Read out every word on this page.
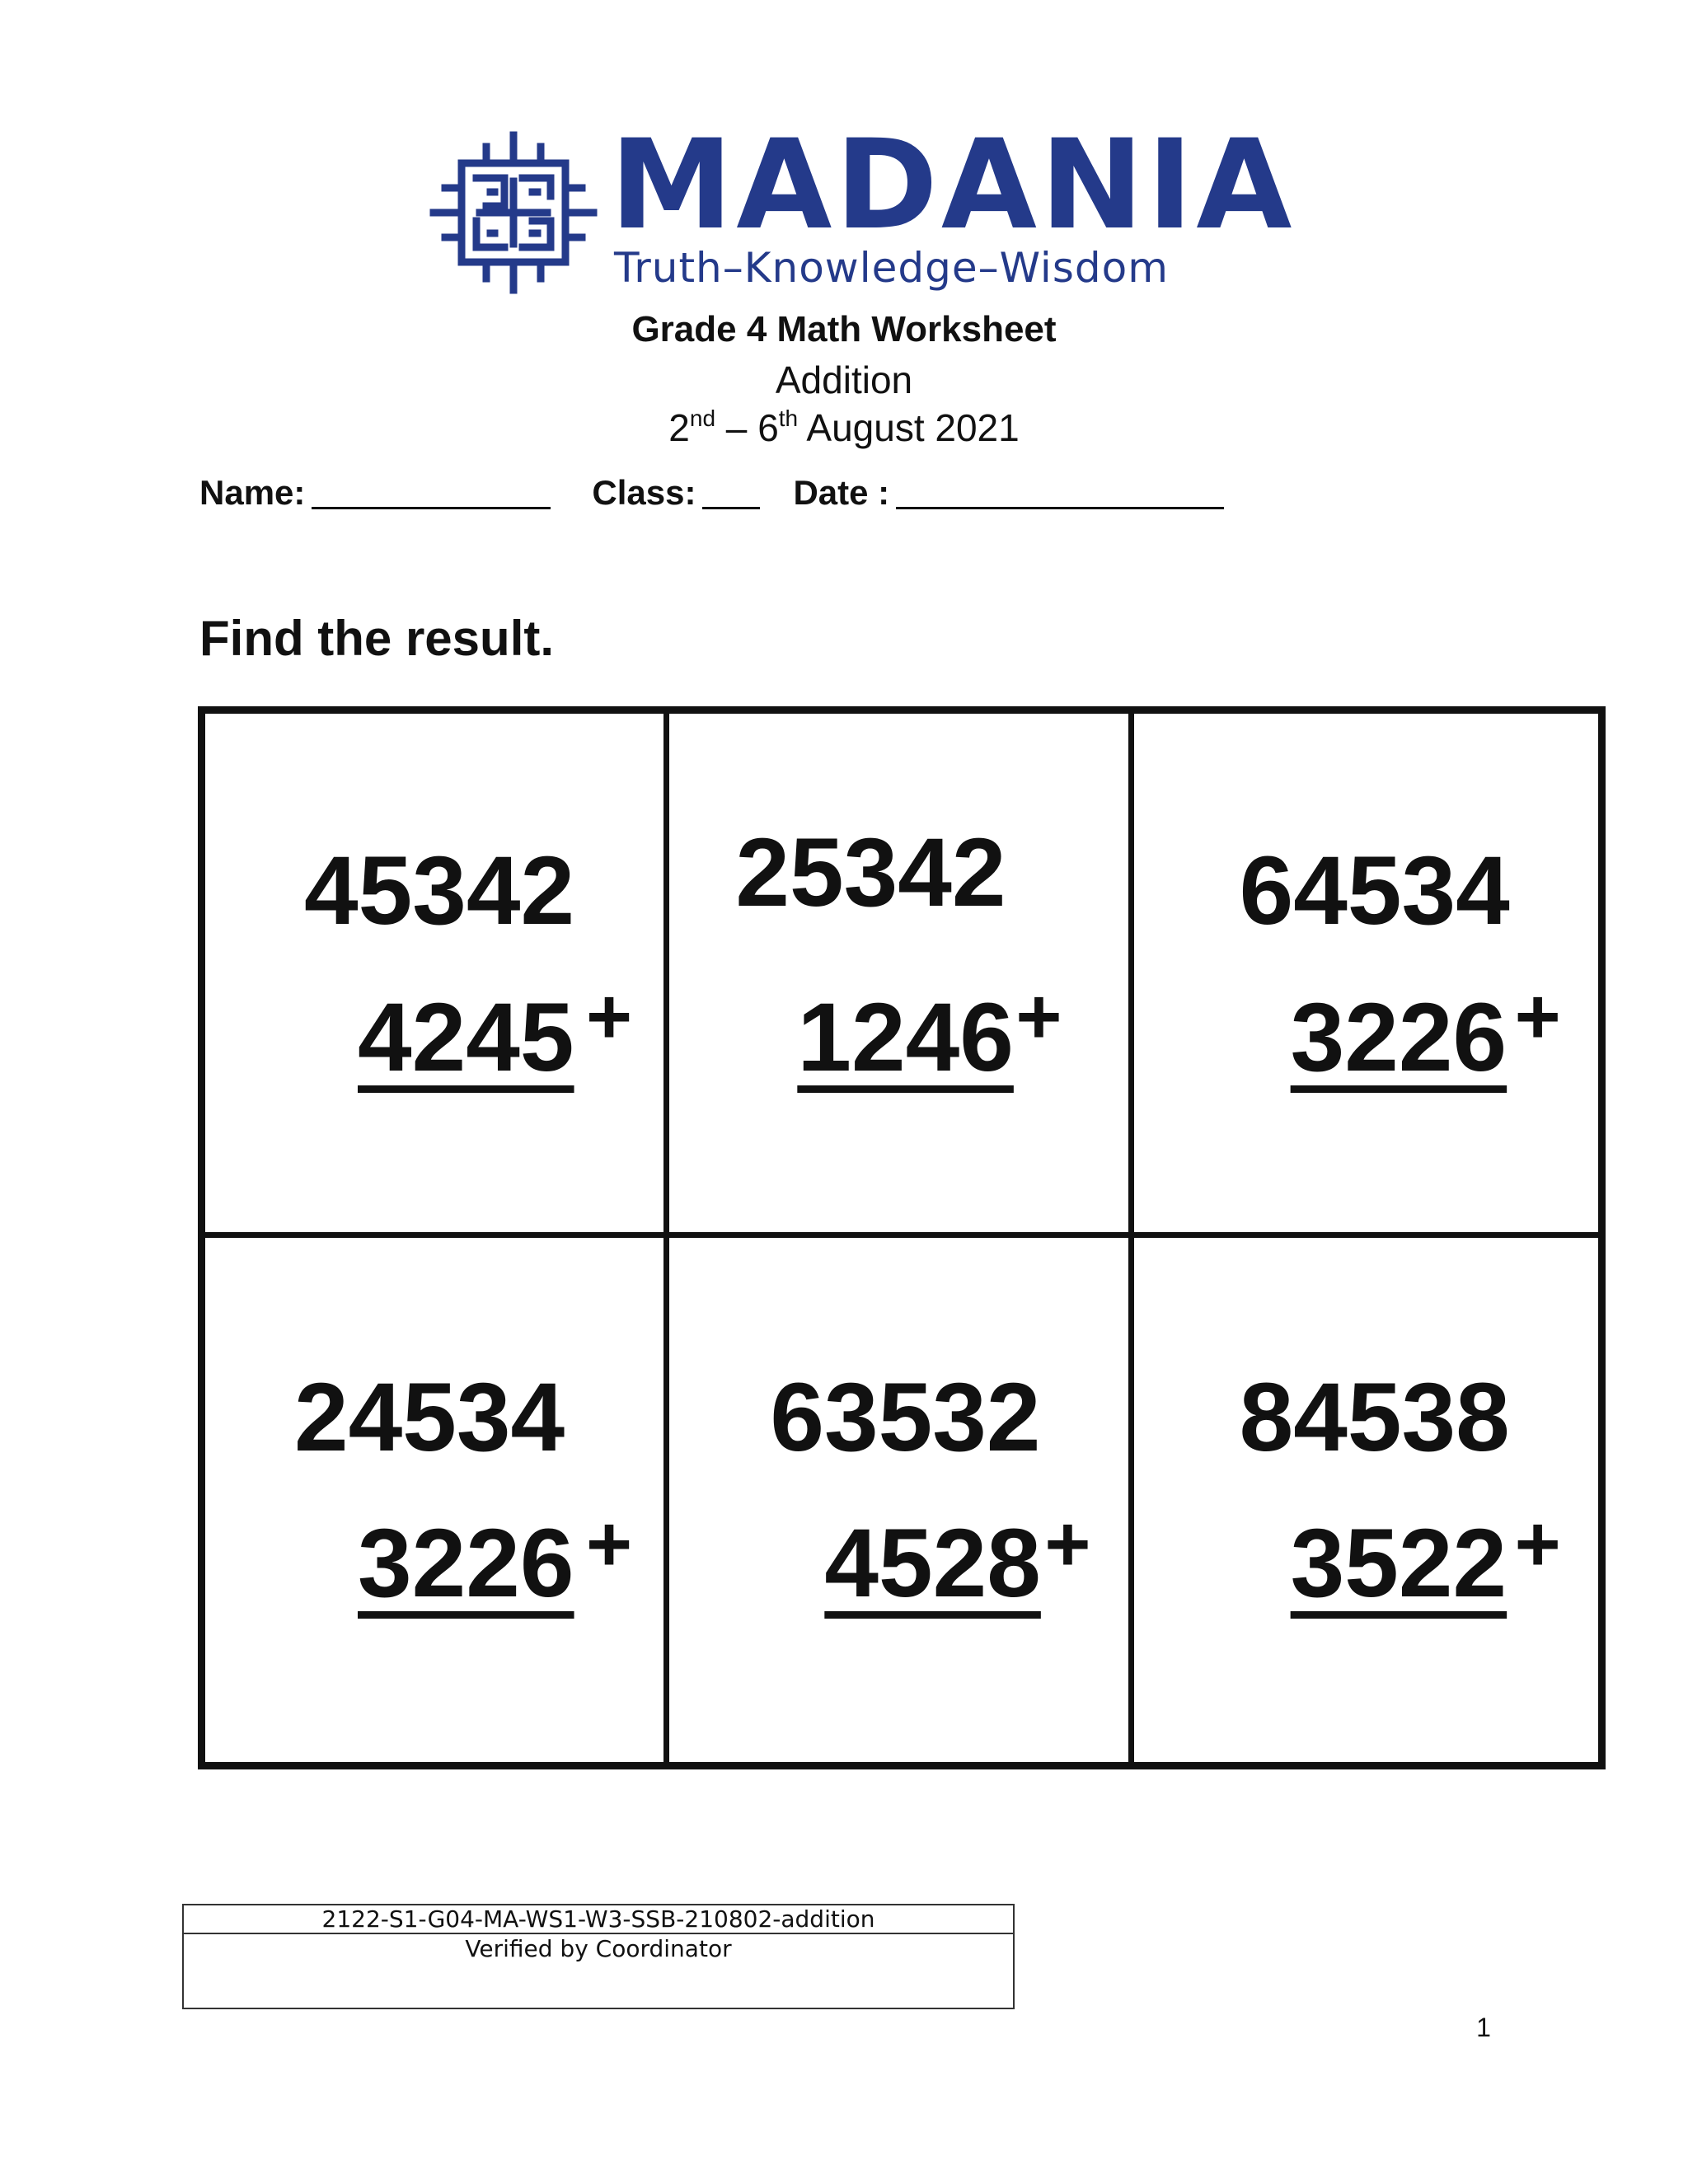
MADANIA
Truth–Knowledge–Wisdom
Grade 4 Math Worksheet
Addition
2nd – 6th August 2021
Name:	Class:	Date :
Find the result.
45342
4245 +
25342
1246 +
64534
3226 +
24534
3226 +
63532
4528 +
84538
3522 +
2122-S1-G04-MA-WS1-W3-SSB-210802-addition
Verified by Coordinator
1
